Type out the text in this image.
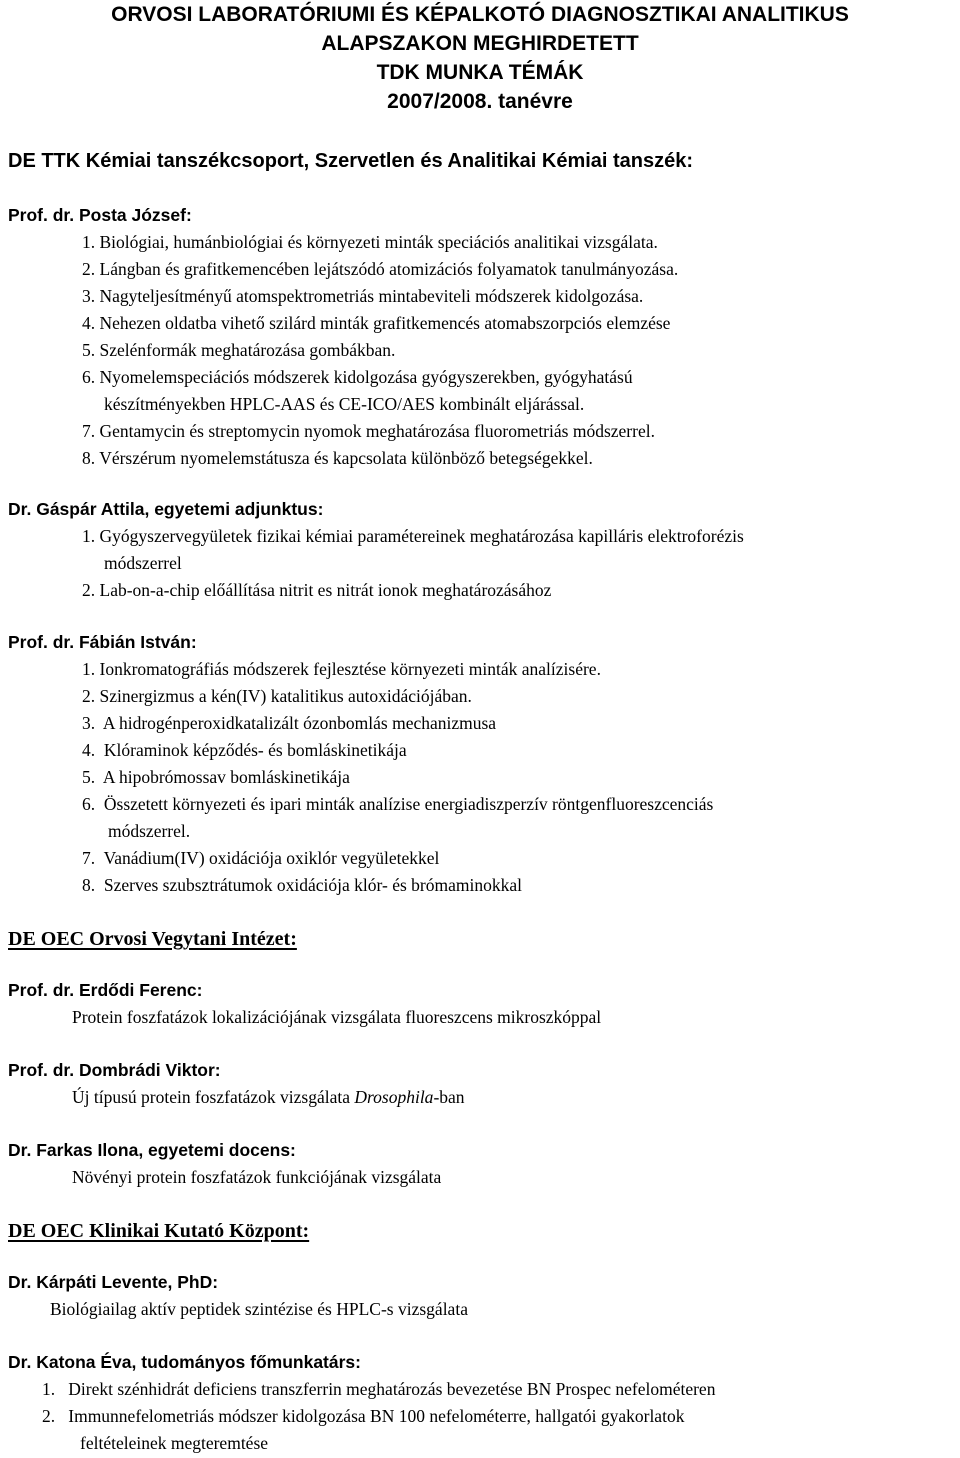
ORVOSI LABORATÓRIUMI ÉS KÉPALKOTÓ DIAGNOSZTIKAI ANALITIKUS
ALAPSZAKON MEGHIRDETETT
TDK MUNKA TÉMÁK
2007/2008. tanévre
DE TTK Kémiai tanszékcsoport, Szervetlen és Analitikai Kémiai tanszék:
Prof. dr. Posta József:
1. Biológiai, humánbiológiai és környezeti minták speciációs analitikai vizsgálata.
2. Lángban és grafitkemencében lejátszódó atomizációs folyamatok tanulmányozása.
3. Nagyteljesítményű atomspektrometriás mintabeviteli módszerek kidolgozása.
4. Nehezen oldatba vihető szilárd minták grafitkemencés atomabszorpciós elemzése
5. Szelénformák meghatározása gombákban.
6. Nyomelemspeciációs módszerek kidolgozása gyógyszerekben, gyógyhatású
készítményekben HPLC-AAS és CE-ICO/AES kombinált eljárással.
7. Gentamycin és streptomycin nyomok meghatározása fluorometriás módszerrel.
8. Vérszérum nyomelemstátusza és kapcsolata különböző betegségekkel.
Dr. Gáspár Attila, egyetemi adjunktus:
1. Gyógyszervegyületek fizikai kémiai paramétereinek meghatározása kapilláris elektroforézis
módszerrel
2. Lab-on-a-chip előállítása nitrit es nitrát ionok meghatározásához
Prof. dr. Fábián István:
1. Ionkromatográfiás módszerek fejlesztése környezeti minták analízisére.
2. Szinergizmus a kén(IV) katalitikus autoxidációjában.
3. A hidrogénperoxidkatalizált ózonbomlás mechanizmusa
4. Klóraminok képződés- és bomláskinetikája
5. A hipobrómossav bomláskinetikája
6. Összetett környezeti és ipari minták analízise energiadiszperzív röntgenfluoreszcenciás
módszerrel.
7. Vanádium(IV) oxidációja oxiklór vegyületekkel
8. Szerves szubsztrátumok oxidációja klór- és brómaminokkal
DE OEC Orvosi Vegytani Intézet:
Prof. dr. Erdődi Ferenc:
Protein foszfatázok lokalizációjának vizsgálata fluoreszcens mikroszkóppal
Prof. dr. Dombrádi Viktor:
Új típusú protein foszfatázok vizsgálata Drosophila-ban
Dr. Farkas Ilona, egyetemi docens:
Növényi protein foszfatázok funkciójának vizsgálata
DE OEC Klinikai Kutató Központ:
Dr. Kárpáti Levente, PhD:
Biológiailag aktív peptidek szintézise és HPLC-s vizsgálata
Dr. Katona Éva, tudományos főmunkatárs:
1. Direkt szénhidrát deficiens transzferrin meghatározás bevezetése BN Prospec nefelométeren
2. Immunnefelometriás módszer kidolgozása BN 100 nefelométerre, hallgatói gyakorlatok
feltételeinek megteremtése
